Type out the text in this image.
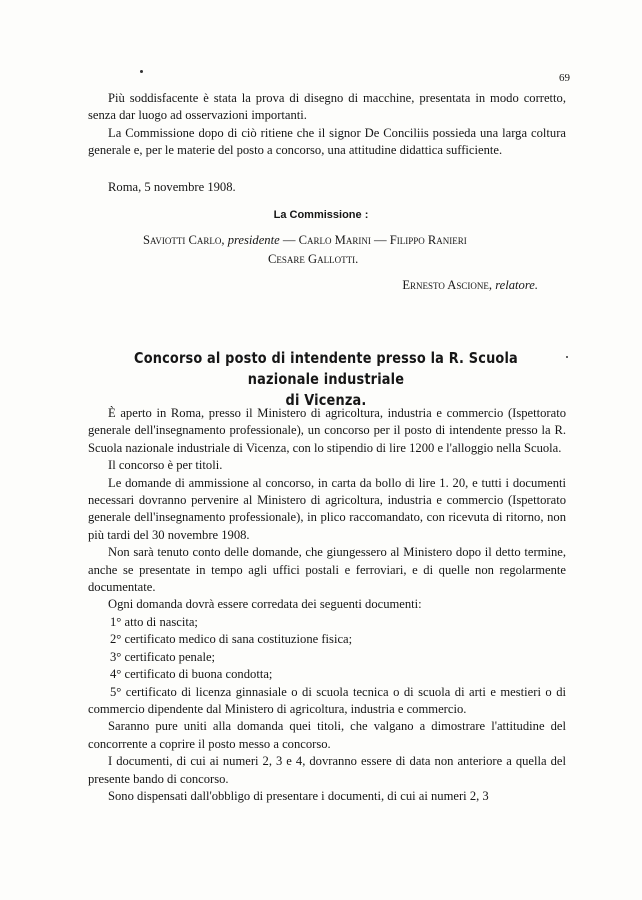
69

Più soddisfacente è stata la prova di disegno di macchine, presentata in modo corretto, senza dar luogo ad osservazioni importanti.

La Commissione dopo di ciò ritiene che il signor De Conciliis possieda una larga coltura generale e, per le materie del posto a concorso, una attitudine didattica sufficiente.

Roma, 5 novembre 1908.
La Commissione :
Saviotti Carlo, presidente — Carlo Marini — Filippo Ranieri
Cesare Gallotti.
Ernesto Ascione, relatore.
Concorso al posto di intendente presso la R. Scuola nazionale industriale
di Vicenza.

È aperto in Roma, presso il Ministero di agricoltura, industria e commercio (Ispettorato generale dell'insegnamento professionale), un concorso per il posto di intendente presso la R. Scuola nazionale industriale di Vicenza, con lo stipendio di lire 1200 e l'alloggio nella Scuola.

Il concorso è per titoli.

Le domande di ammissione al concorso, in carta da bollo di lire 1. 20, e tutti i documenti necessari dovranno pervenire al Ministero di agricoltura, industria e commercio (Ispettorato generale dell'insegnamento professionale), in plico raccomandato, con ricevuta di ritorno, non più tardi del 30 novembre 1908.

Non sarà tenuto conto delle domande, che giungessero al Ministero dopo il detto termine, anche se presentate in tempo agli uffici postali e ferroviari, e di quelle non regolarmente documentate.

Ogni domanda dovrà essere corredata dei seguenti documenti:

1° atto di nascita;
2° certificato medico di sana costituzione fisica;
3° certificato penale;
4° certificato di buona condotta;

5° certificato di licenza ginnasiale o di scuola tecnica o di scuola di arti e mestieri o di commercio dipendente dal Ministero di agricoltura, industria e commercio.

Saranno pure uniti alla domanda quei titoli, che valgano a dimostrare l'attitudine del concorrente a coprire il posto messo a concorso.

I documenti, di cui ai numeri 2, 3 e 4, dovranno essere di data non anteriore a quella del presente bando di concorso.

Sono dispensati dall'obbligo di presentare i documenti, di cui ai numeri 2, 3
